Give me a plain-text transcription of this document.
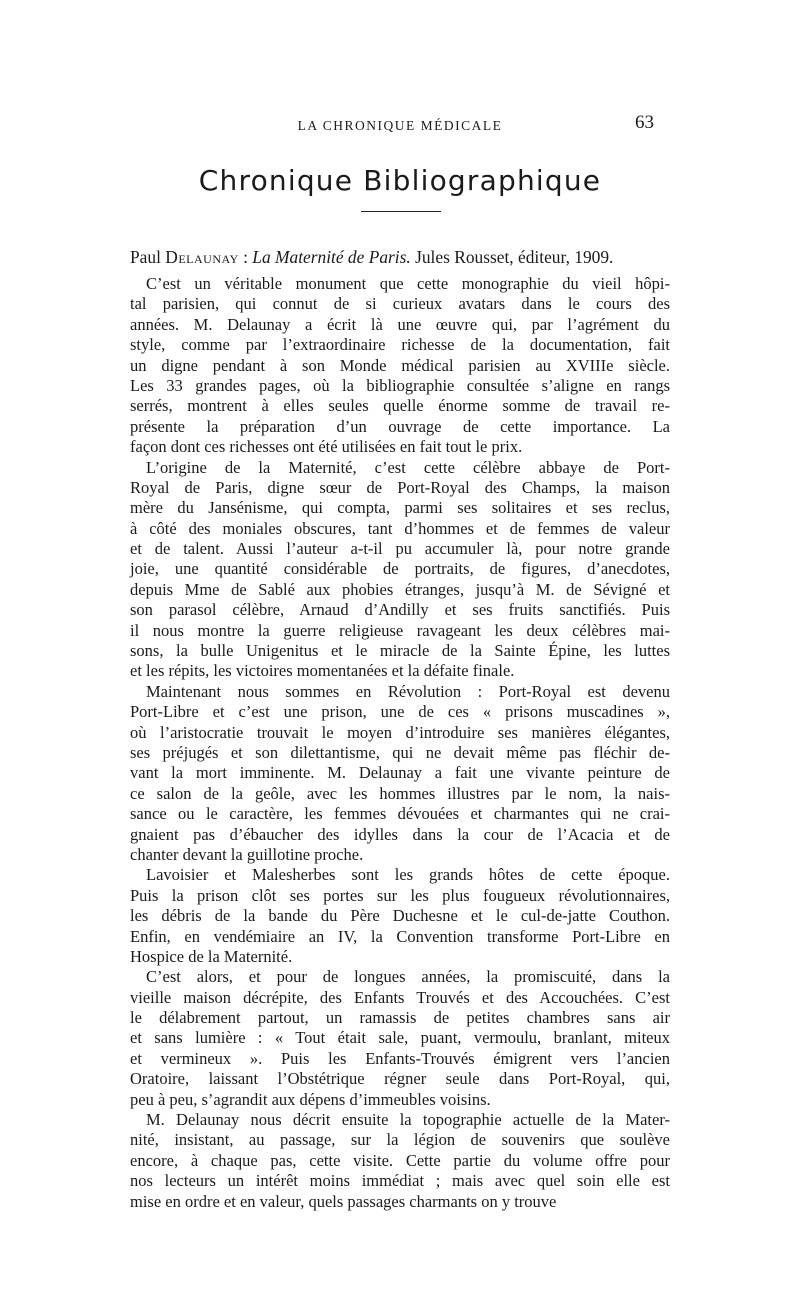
LA CHRONIQUE MÉDICALE	63
Chronique Bibliographique
Paul Delaunay : La Maternité de Paris. Jules Rousset, éditeur, 1909.

C’est un véritable monument que cette monographie du vieil hôpi-
tal parisien, qui connut de si curieux avatars dans le cours des
années. M. Delaunay a écrit là une œuvre qui, par l’agrément du
style, comme par l’extraordinaire richesse de la documentation, fait
un digne pendant à son Monde médical parisien au XVIIIe siècle.
Les 33 grandes pages, où la bibliographie consultée s’aligne en rangs
serrés, montrent à elles seules quelle énorme somme de travail re-
présente la préparation d’un ouvrage de cette importance. La
façon dont ces richesses ont été utilisées en fait tout le prix.

L’origine de la Maternité, c’est cette célèbre abbaye de Port-
Royal de Paris, digne sœur de Port-Royal des Champs, la maison
mère du Jansénisme, qui compta, parmi ses solitaires et ses reclus,
à côté des moniales obscures, tant d’hommes et de femmes de valeur
et de talent. Aussi l’auteur a-t-il pu accumuler là, pour notre grande
joie, une quantité considérable de portraits, de figures, d’anecdotes,
depuis Mme de Sablé aux phobies étranges, jusqu’à M. de Sévigné et
son parasol célèbre, Arnaud d’Andilly et ses fruits sanctifiés. Puis
il nous montre la guerre religieuse ravageant les deux célèbres mai-
sons, la bulle Unigenitus et le miracle de la Sainte Épine, les luttes
et les répits, les victoires momentanées et la défaite finale.

Maintenant nous sommes en Révolution : Port-Royal est devenu
Port-Libre et c’est une prison, une de ces « prisons muscadines »,
où l’aristocratie trouvait le moyen d’introduire ses manières élégantes,
ses préjugés et son dilettantisme, qui ne devait même pas fléchir de-
vant la mort imminente. M. Delaunay a fait une vivante peinture de
ce salon de la geôle, avec les hommes illustres par le nom, la nais-
sance ou le caractère, les femmes dévouées et charmantes qui ne crai-
gnaient pas d’ébaucher des idylles dans la cour de l’Acacia et de
chanter devant la guillotine proche.

Lavoisier et Malesherbes sont les grands hôtes de cette époque.
Puis la prison clôt ses portes sur les plus fougueux révolutionnaires,
les débris de la bande du Père Duchesne et le cul-de-jatte Couthon.
Enfin, en vendémiaire an IV, la Convention transforme Port-Libre en
Hospice de la Maternité.

C’est alors, et pour de longues années, la promiscuité, dans la
vieille maison décrépite, des Enfants Trouvés et des Accouchées. C’est
le délabrement partout, un ramassis de petites chambres sans air
et sans lumière : « Tout était sale, puant, vermoulu, branlant, miteux
et vermineux ». Puis les Enfants-Trouvés émigrent vers l’ancien
Oratoire, laissant l’Obstétrique régner seule dans Port-Royal, qui,
peu à peu, s’agrandit aux dépens d’immeubles voisins.

M. Delaunay nous décrit ensuite la topographie actuelle de la Mater-
nité, insistant, au passage, sur la légion de souvenirs que soulève
encore, à chaque pas, cette visite. Cette partie du volume offre pour
nos lecteurs un intérêt moins immédiat ; mais avec quel soin elle est
mise en ordre et en valeur, quels passages charmants on y trouve
